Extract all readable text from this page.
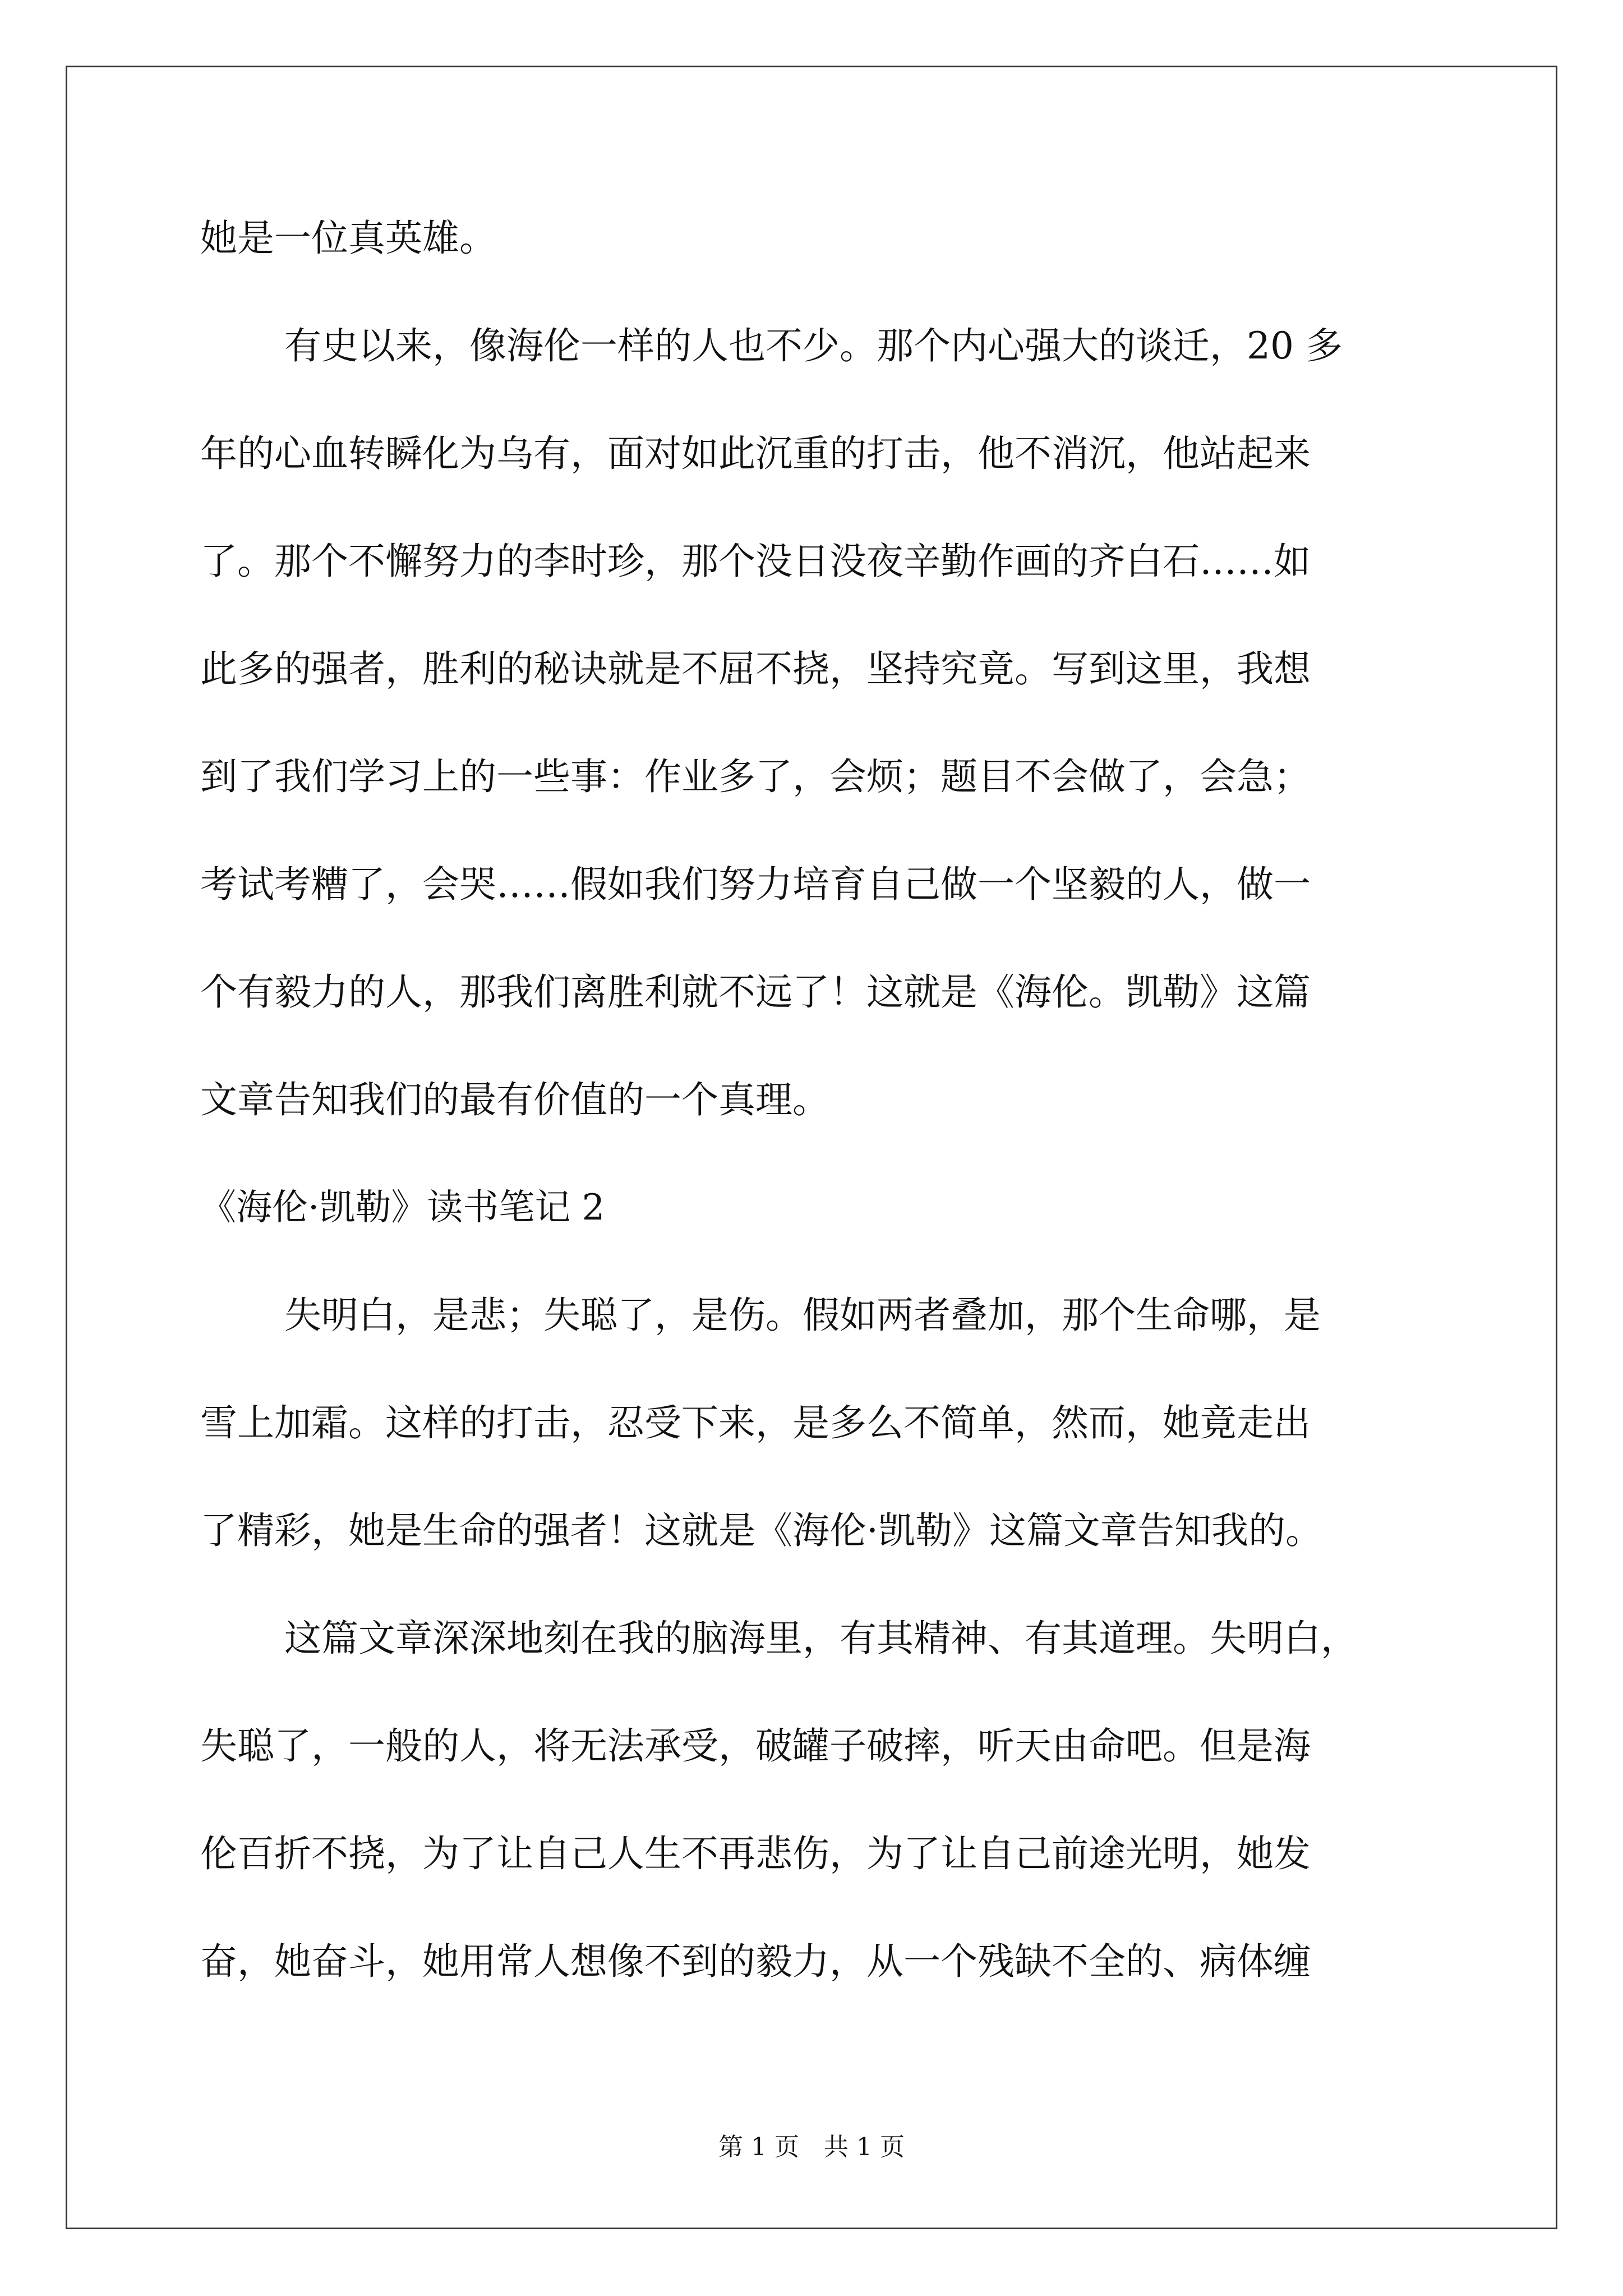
她是一位真英雄。
有史以来，像海伦一样的人也不少。那个内心强大的谈迁，20 多
年的心血转瞬化为乌有，面对如此沉重的打击，他不消沉，他站起来
了。那个不懈努力的李时珍，那个没日没夜辛勤作画的齐白石……如
此多的强者，胜利的秘诀就是不屈不挠，坚持究竟。写到这里，我想
到了我们学习上的一些事：作业多了，会烦；题目不会做了，会急；
考试考糟了，会哭……假如我们努力培育自己做一个坚毅的人，做一
个有毅力的人，那我们离胜利就不远了！这就是《海伦。凯勒》这篇
文章告知我们的最有价值的一个真理。
《海伦·凯勒》读书笔记 2
失明白，是悲；失聪了，是伤。假如两者叠加，那个生命哪，是
雪上加霜。这样的打击，忍受下来，是多么不简单，然而，她竟走出
了精彩，她是生命的强者！这就是《海伦·凯勒》这篇文章告知我的。
这篇文章深深地刻在我的脑海里，有其精神、有其道理。失明白，
失聪了，一般的人，将无法承受，破罐子破摔，听天由命吧。但是海
伦百折不挠，为了让自己人生不再悲伤，为了让自己前途光明，她发
奋，她奋斗，她用常人想像不到的毅力，从一个残缺不全的、病体缠
第 1 页　共 1 页
